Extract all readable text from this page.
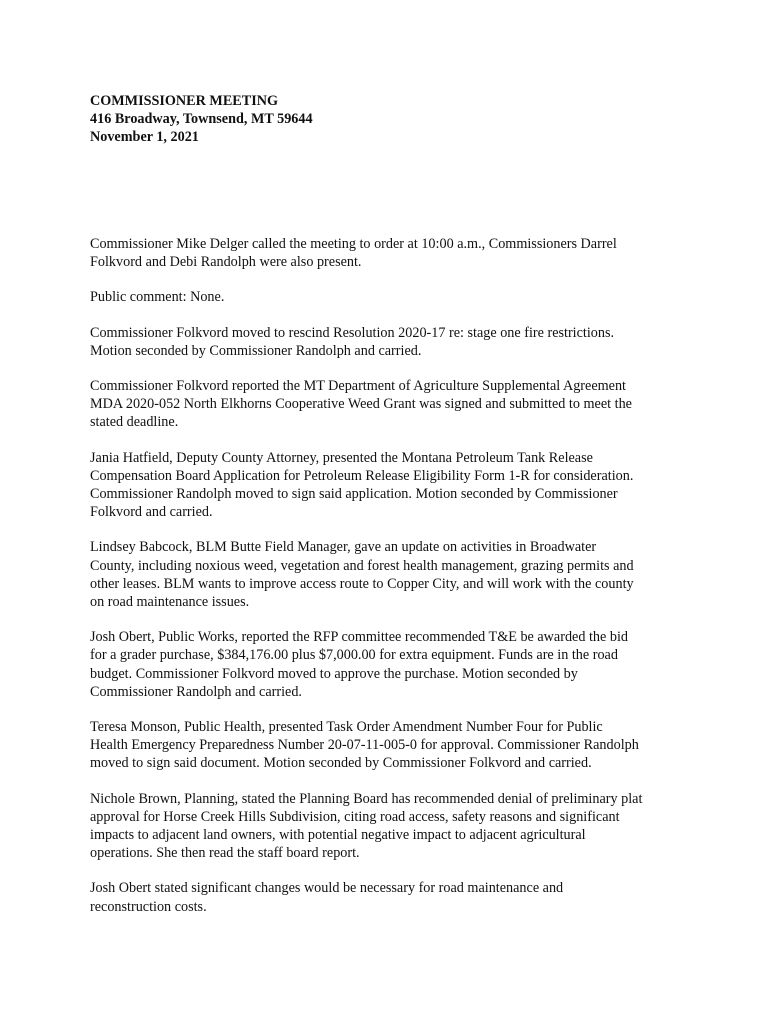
COMMISSIONER MEETING

416 Broadway, Townsend, MT 59644

November 1, 2021

Commissioner Mike Delger called the meeting to order at 10:00 a.m., Commissioners Darrel
Folkvord and Debi Randolph were also present.

Public comment: None.

Commissioner Folkvord moved to rescind Resolution 2020-17 re: stage one fire restrictions.
Motion seconded by Commissioner Randolph and carried.

Commissioner Folkvord reported the MT Department of Agriculture Supplemental Agreement
MDA 2020-052 North Elkhorns Cooperative Weed Grant was signed and submitted to meet the
stated deadline.

Jania Hatfield, Deputy County Attorney, presented the Montana Petroleum Tank Release
Compensation Board Application for Petroleum Release Eligibility Form 1-R for consideration.
Commissioner Randolph moved to sign said application. Motion seconded by Commissioner
Folkvord and carried.

Lindsey Babcock, BLM Butte Field Manager, gave an update on activities in Broadwater
County, including noxious weed, vegetation and forest health management, grazing permits and
other leases. BLM wants to improve access route to Copper City, and will work with the county
on road maintenance issues.

Josh Obert, Public Works, reported the RFP committee recommended T&E be awarded the bid
for a grader purchase, $384,176.00 plus $7,000.00 for extra equipment. Funds are in the road
budget. Commissioner Folkvord moved to approve the purchase. Motion seconded by
Commissioner Randolph and carried.

Teresa Monson, Public Health, presented Task Order Amendment Number Four for Public
Health Emergency Preparedness Number 20-07-11-005-0 for approval. Commissioner Randolph
moved to sign said document. Motion seconded by Commissioner Folkvord and carried.

Nichole Brown, Planning, stated the Planning Board has recommended denial of preliminary plat
approval for Horse Creek Hills Subdivision, citing road access, safety reasons and significant
impacts to adjacent land owners, with potential negative impact to adjacent agricultural
operations. She then read the staff board report.

Josh Obert stated significant changes would be necessary for road maintenance and
reconstruction costs.
